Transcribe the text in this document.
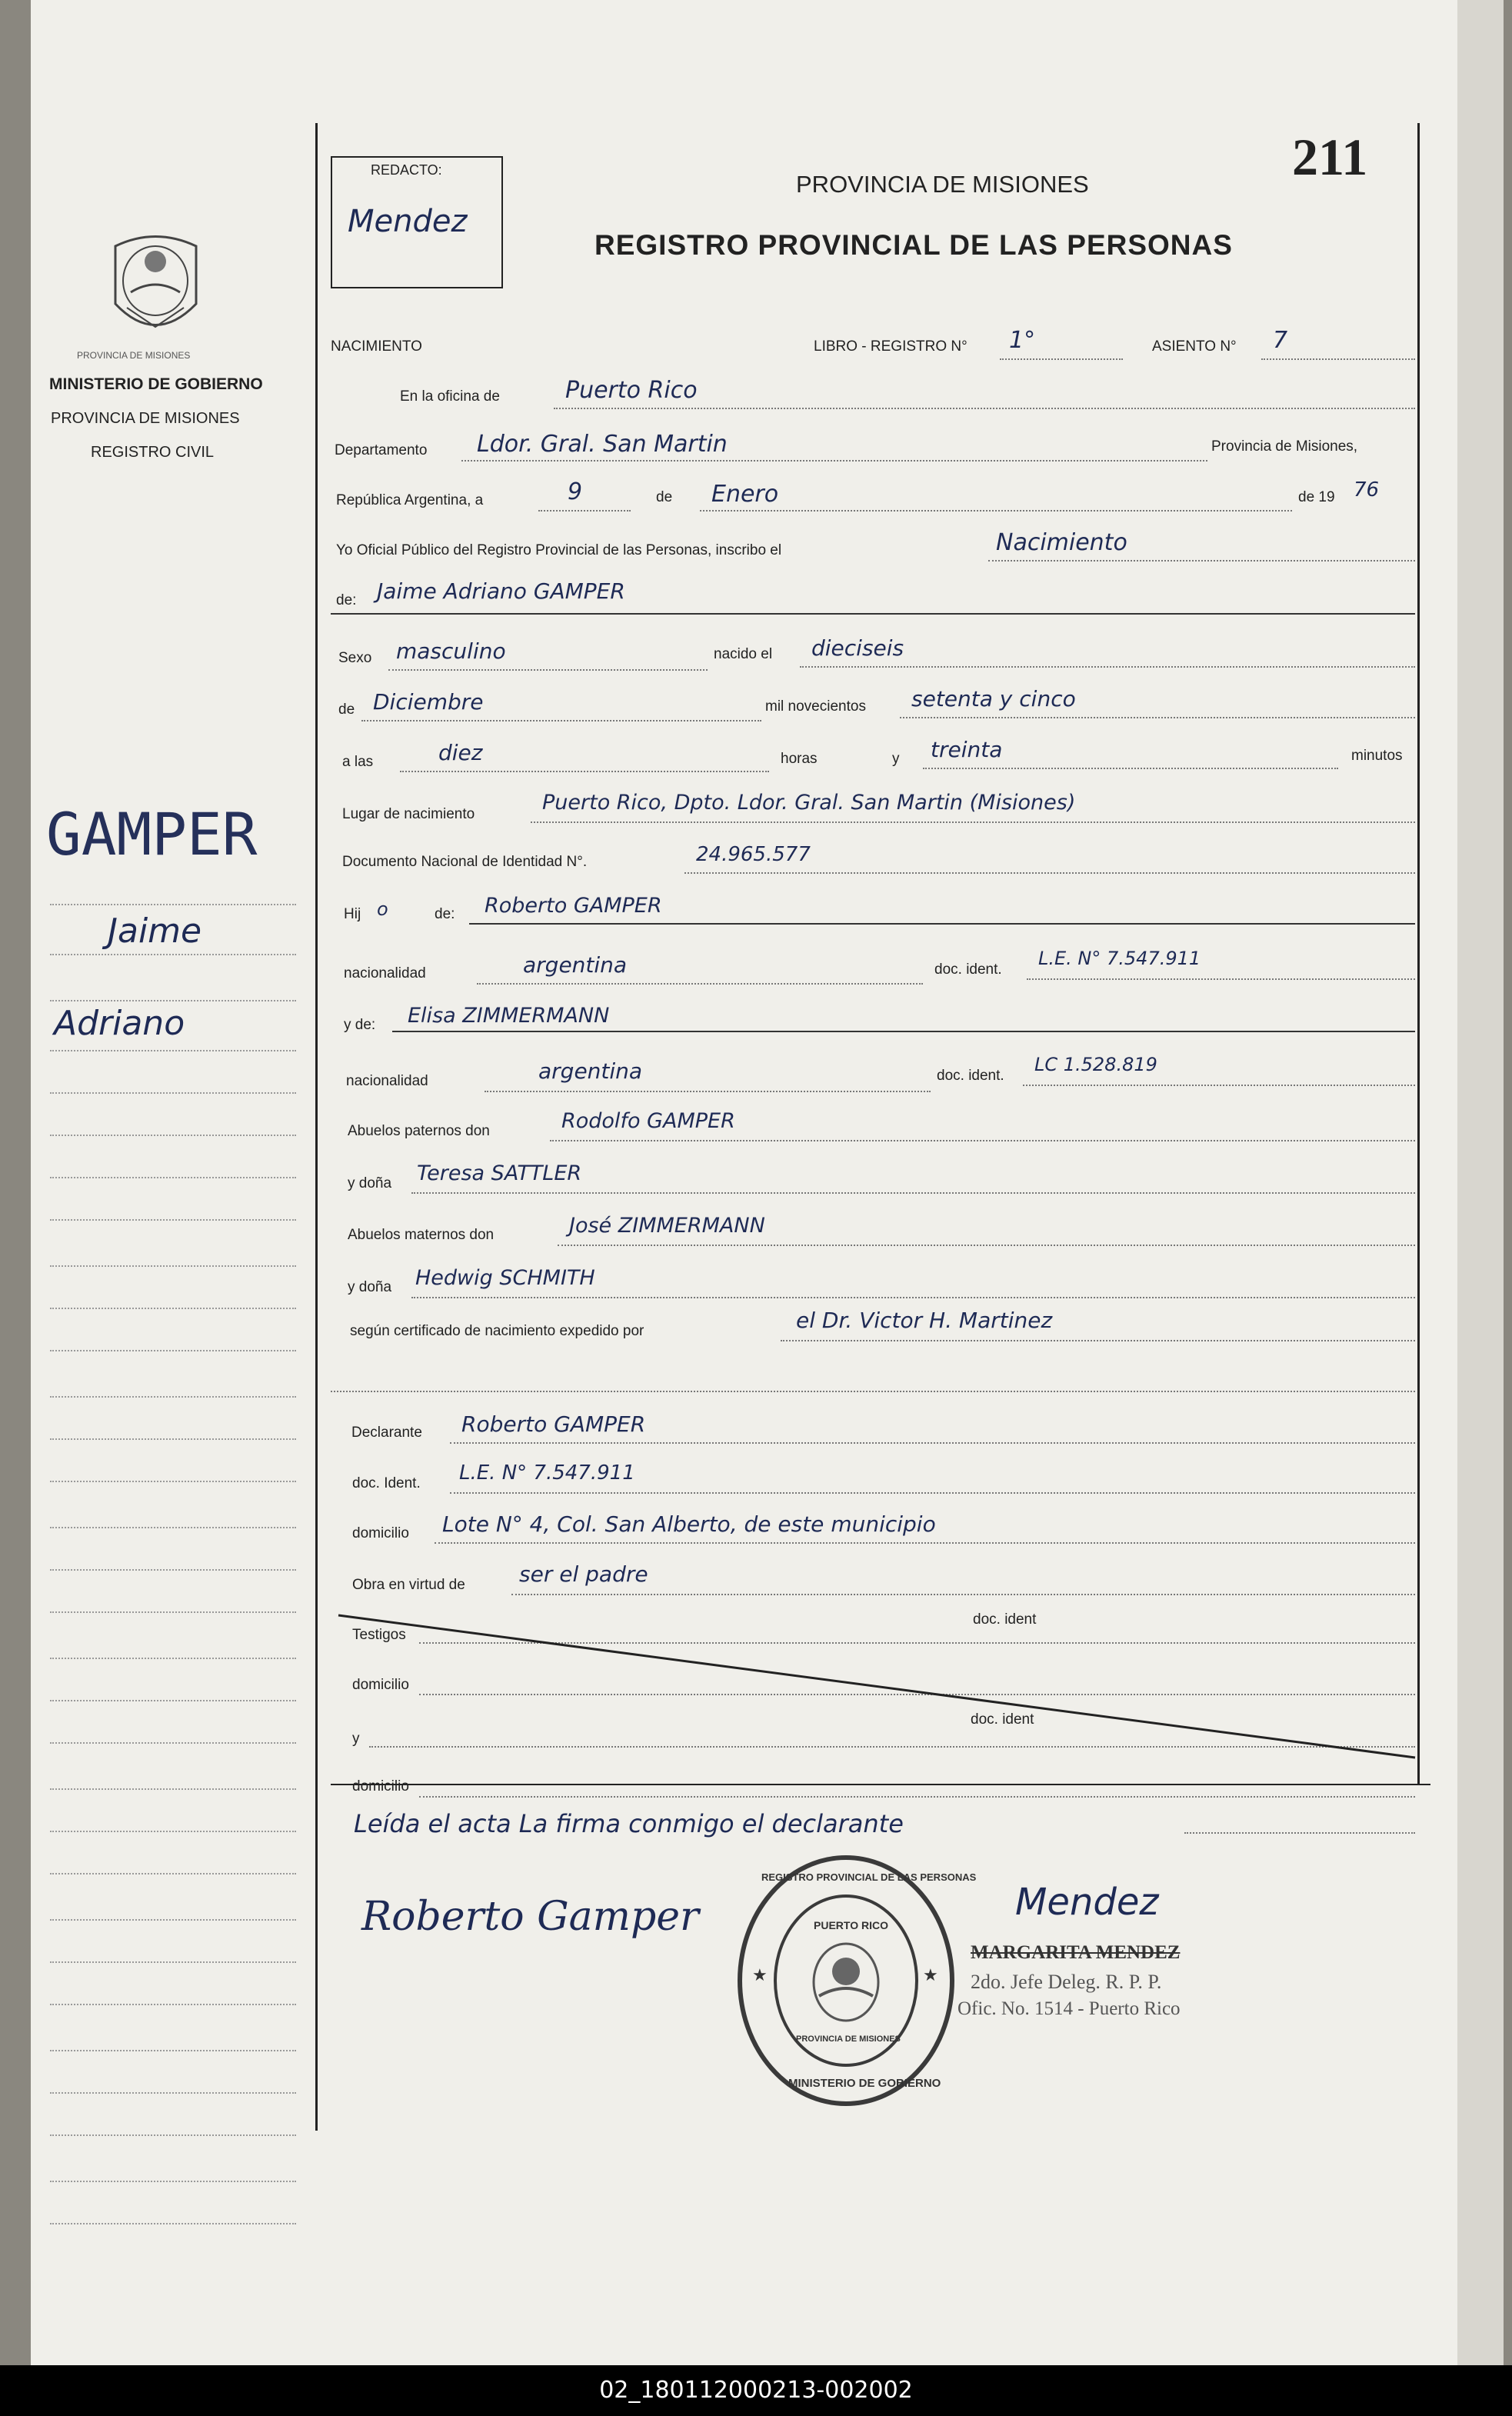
211
REDACTO:
Mendez
PROVINCIA DE MISIONES
REGISTRO PROVINCIAL DE LAS PERSONAS
PROVINCIA DE MISIONES
MINISTERIO DE GOBIERNO
PROVINCIA DE MISIONES
REGISTRO CIVIL
GAMPER
Jaime
Adriano
NACIMIENTO	LIBRO - REGISTRO N° 1°	ASIENTO N° 7
En la oficina de	Puerto Rico
Departamento Ldor. Gral. San Martin	Provincia de Misiones,
República Argentina, a	9	de Enero	de 19 76
Yo Oficial Público del Registro Provincial de las Personas, inscribo el	Nacimiento
de: Jaime Adriano GAMPER
Sexo masculino	nacido el dieciseis
de Diciembre	mil novecientos setenta y cinco
a las	diez	horas	y treinta	minutos
Lugar de nacimiento	Puerto Rico, Dpto. Ldor. Gral. San Martin (Misiones)
Documento Nacional de Identidad N°.	24.965.577
Hij o	de: Roberto GAMPER
nacionalidad	argentina	doc. ident.
L.E. N° 7.547.911
y de: Elisa ZIMMERMANN
nacionalidad	argentina	doc. ident.
LC 1.528.819
Abuelos paternos don	Rodolfo GAMPER
y doña Teresa SATTLER
Abuelos maternos don	José ZIMMERMANN
y doña Hedwig SCHMITH
según certificado de nacimiento expedido por	el Dr. Victor H. Martinez
Declarante Roberto GAMPER
doc. Ident. L.E. N° 7.547.911
domicilio Lote N° 4, Col. San Alberto, de este municipio
Obra en virtud de	ser el padre
Testigos
doc. ident
domicilio
y
doc. ident
domicilio
Leída el acta La firma conmigo el declarante
Roberto Gamper	Mendez
MARGARITA MENDEZ
2do. Jefe Deleg. R. P. P.
Ofic. No. 1514 - Puerto Rico
★	★
REGISTRO PROVINCIAL DE LAS PERSONAS
PUERTO RICO
PROVINCIA DE MISIONES
MINISTERIO DE GOBIERNO
02_180112000213-002002
